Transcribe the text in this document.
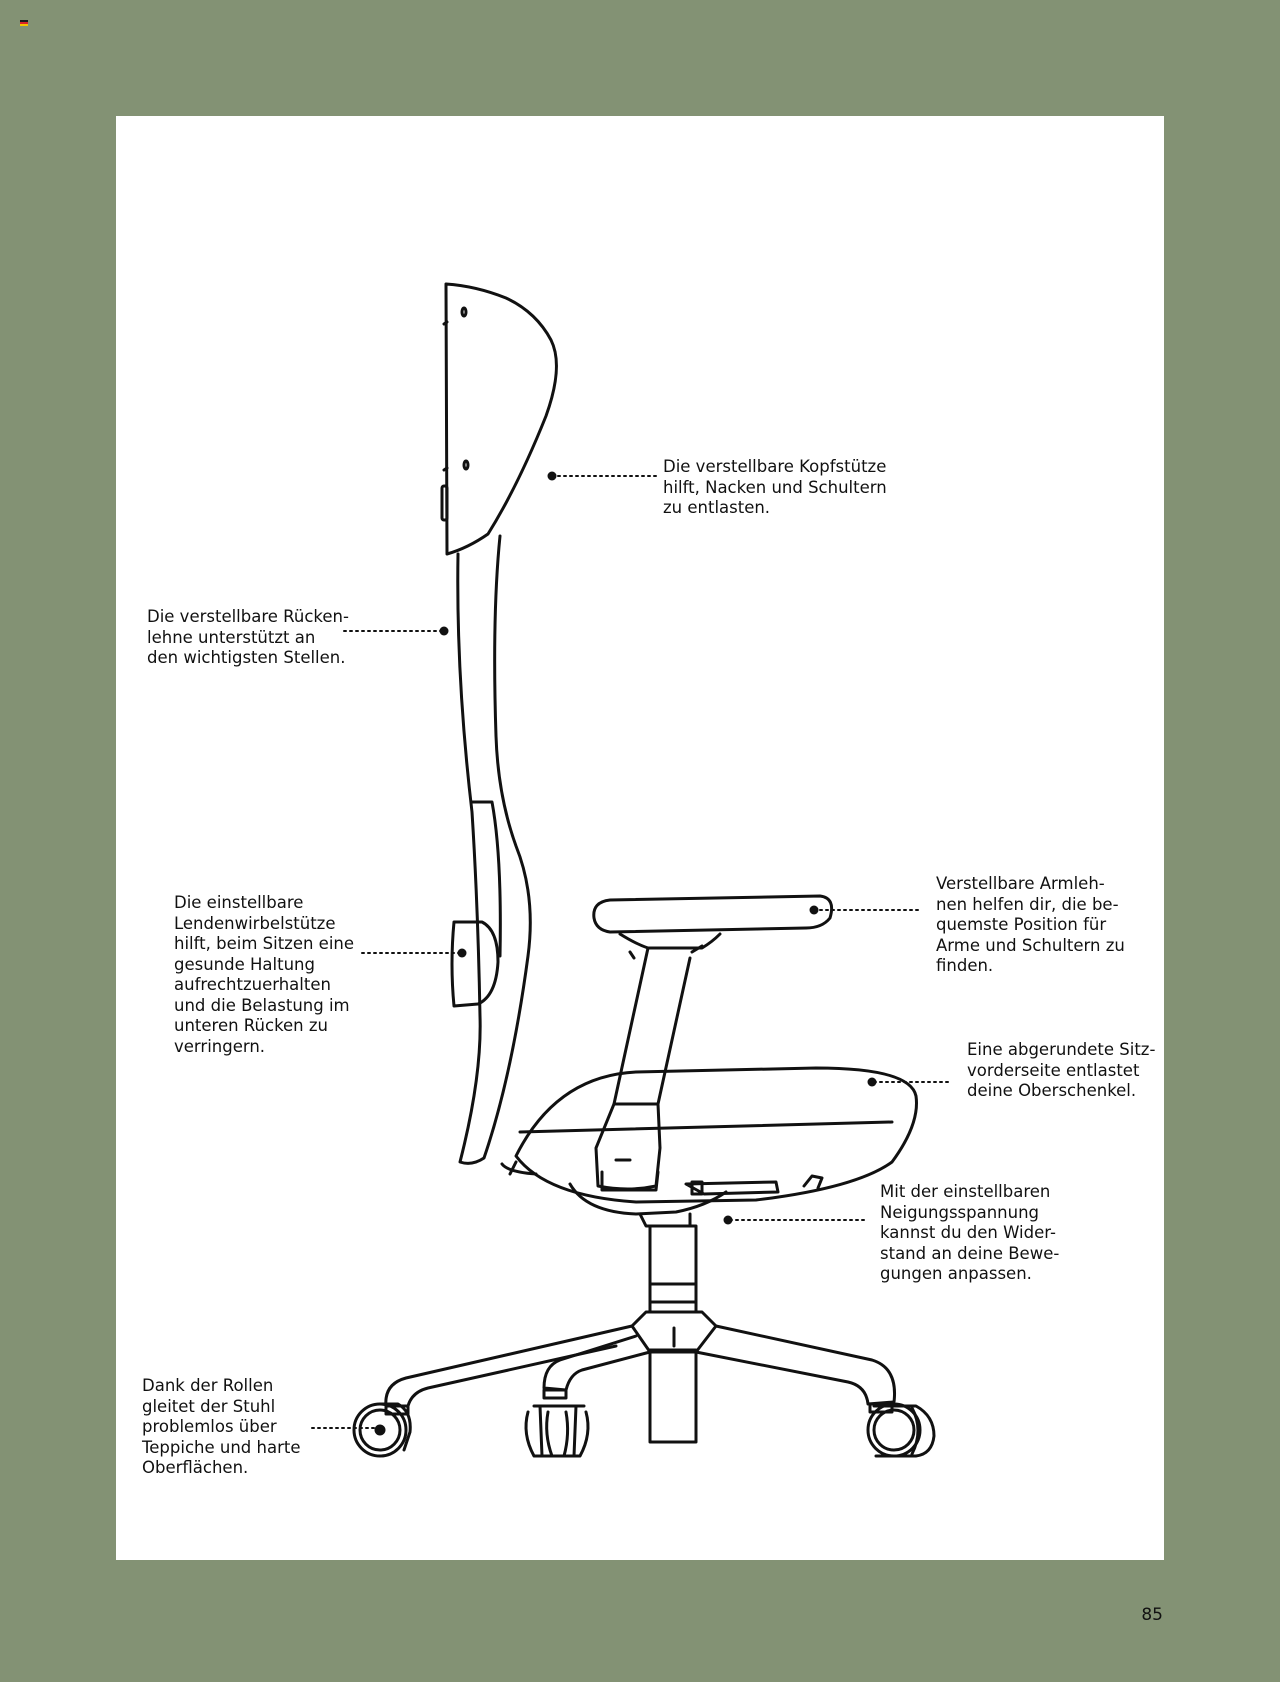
Die verstellbare Kopfstütze
hilft, Nacken und Schultern
zu entlasten.
Die verstellbare Rücken-
lehne unterstützt an
den wichtigsten Stellen.
Die einstellbare
Lendenwirbelstütze
hilft, beim Sitzen eine
gesunde Haltung
aufrechtzuerhalten
und die Belastung im
unteren Rücken zu
verringern.
Verstellbare Armleh-
nen helfen dir, die be-
quemste Position für
Arme und Schultern zu
finden.
Eine abgerundete Sitz-
vorderseite entlastet
deine Oberschenkel.
Mit der einstellbaren
Neigungsspannung
kannst du den Wider-
stand an deine Bewe-
gungen anpassen.
Dank der Rollen
gleitet der Stuhl
problemlos über
Teppiche und harte
Oberflächen.
85
